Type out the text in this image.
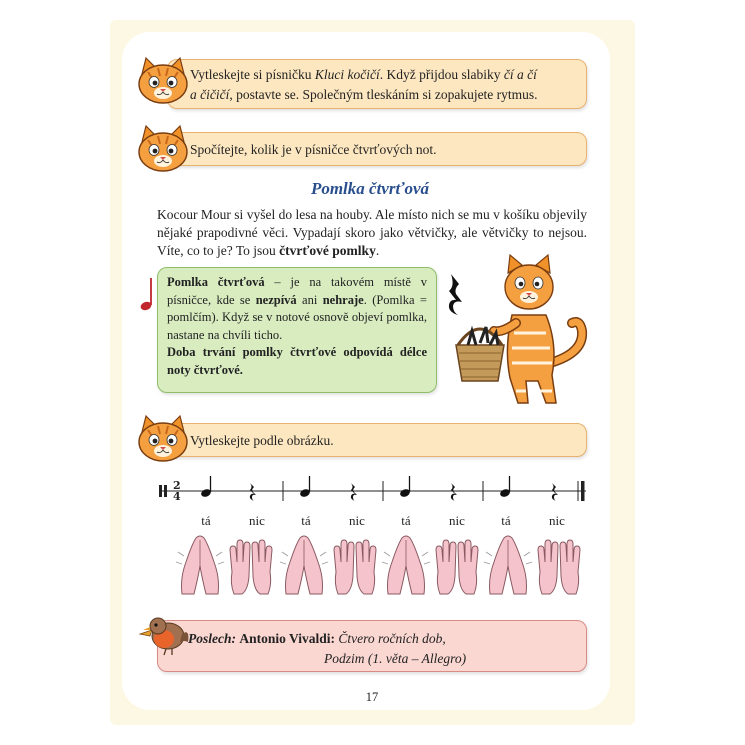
Vytleskejte si písničku Kluci kočičí. Když přijdou slabiky čí a čí
a čičičí, postavte se. Společným tleskáním si zopakujete rytmus.
Spočítejte, kolik je v písničce čtvrťových not.
Pomlka čtvrťová
Kocour Mour si vyšel do lesa na houby. Ale místo nich se mu v košíku objevily nějaké prapodivné věci. Vypadají skoro jako větvičky, ale větvičky to nejsou. Víte, co to je? To jsou čtvrťové pomlky.
Pomlka čtvrťová – je na takovém místě v písničce, kde se nezpívá ani nehraje. (Pomlka = pomlčím). Když se v notové osnově objeví pomlka, nastane na chvíli ticho.
Doba trvání pomlky čtvrťové odpovídá délce noty čtvrťové.
Vytleskejte podle obrázku.
2
4
tá	nic
tá
nic	tá	nic	tá	nic
Poslech: Antonio Vivaldi: Čtvero ročních dob,
Podzim (1. věta – Allegro)
17
